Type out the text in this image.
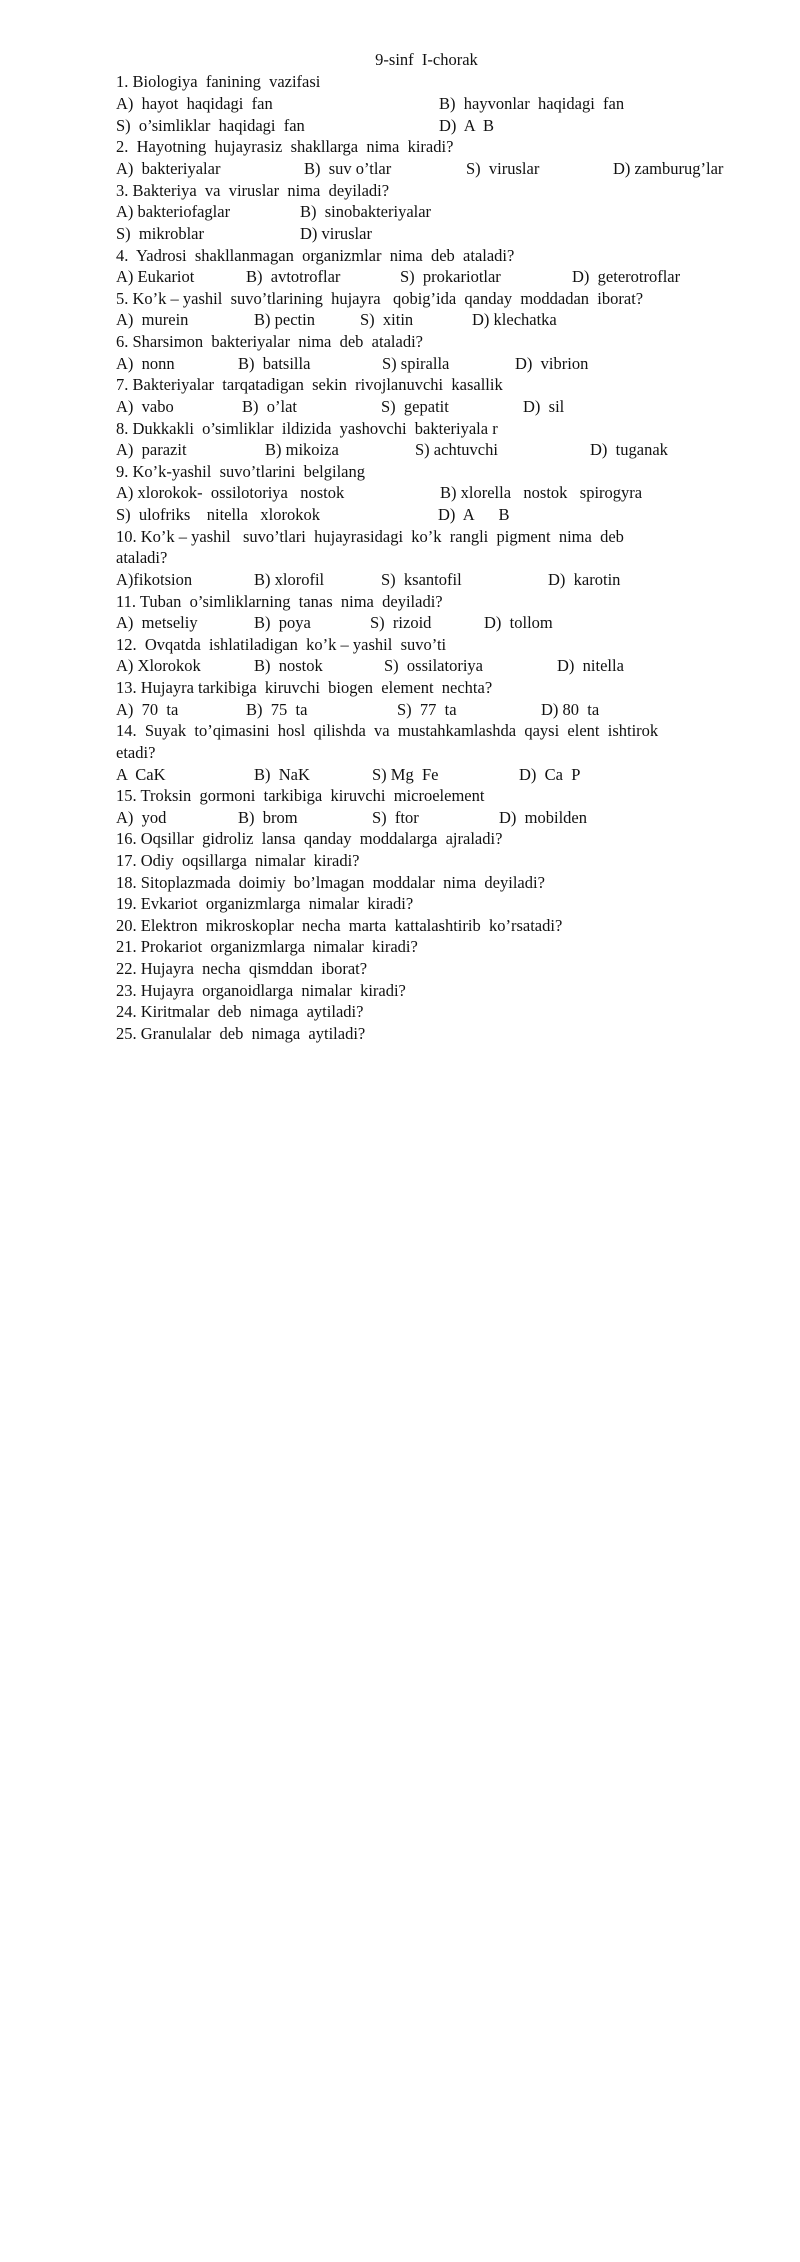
9-sinf  I-chorak

1. Biologiya  fanining  vazifasi

A)  hayot  haqidagi  fan

	B)  hayvonlar  haqidagi  fan

S)  o’simliklar  haqidagi  fan

	D)  A  B

2.  Hayotning  hujayrasiz  shakllarga  nima  kiradi?

A)  bakteriyalar

	B)  suv o’tlar

	S)  viruslar

	D) zamburug’lar

3. Bakteriya  va  viruslar  nima  deyiladi?

A) bakteriofaglar

	B)  sinobakteriyalar

S)  mikroblar

	D) viruslar

4.  Yadrosi  shakllanmagan  organizmlar  nima  deb  ataladi?

A) Eukariot

	B)  avtotroflar

	S)  prokariotlar

	D)  geterotroflar

5. Ko’k – yashil  suvo’tlarining  hujayra   qobig’ida  qanday  moddadan  iborat?

A)  murein

	B) pectin

	S)  xitin

	D) klechatka

6. Sharsimon  bakteriyalar  nima  deb  ataladi?

A)  nonn

	B)  batsilla

	S) spiralla

	D)  vibrion

7. Bakteriyalar  tarqatadigan  sekin  rivojlanuvchi  kasallik

A)  vabo

	B)  o’lat

	S)  gepatit

	D)  sil

8. Dukkakli  o’simliklar  ildizida  yashovchi  bakteriyala r

A)  parazit

	B) mikoiza

	S) achtuvchi

	D)  tuganak

9. Ko’k-yashil  suvo’tlarini  belgilang

A) xlorokok-  ossilotoriya   nostok

	B) xlorella   nostok   spirogyra

S)  ulofriks    nitella   xlorokok

	D)  A      B

10. Ko’k – yashil   suvo’tlari  hujayrasidagi  ko’k  rangli  pigment  nima  deb

ataladi?

A)fikotsion

	B) xlorofil

	S)  ksantofil

	D)  karotin

11. Tuban  o’simliklarning  tanas  nima  deyiladi?

A)  metseliy

	B)  poya

	S)  rizoid

	D)  tollom

12.  Ovqatda  ishlatiladigan  ko’k – yashil  suvo’ti

A) Xlorokok

	B)  nostok

	S)  ossilatoriya

	D)  nitella

13. Hujayra tarkibiga  kiruvchi  biogen  element  nechta?

A)  70  ta

	B)  75  ta

	S)  77  ta

	D) 80  ta

14.  Suyak  to’qimasini  hosl  qilishda  va  mustahkamlashda  qaysi  elent  ishtirok

etadi?

A  CaK

	B)  NaK

	S) Mg  Fe

	D)  Ca  P

15. Troksin  gormoni  tarkibiga  kiruvchi  microelement

A)  yod

	B)  brom

	S)  ftor

	D)  mobilden

16. Oqsillar  gidroliz  lansa  qanday  moddalarga  ajraladi?

17. Odiy  oqsillarga  nimalar  kiradi?

18. Sitoplazmada  doimiy  bo’lmagan  moddalar  nima  deyiladi?

19. Evkariot  organizmlarga  nimalar  kiradi?

20. Elektron  mikroskoplar  necha  marta  kattalashtirib  ko’rsatadi?

21. Prokariot  organizmlarga  nimalar  kiradi?

22. Hujayra  necha  qismddan  iborat?

23. Hujayra  organoidlarga  nimalar  kiradi?

24. Kiritmalar  deb  nimaga  aytiladi?

25. Granulalar  deb  nimaga  aytiladi?
